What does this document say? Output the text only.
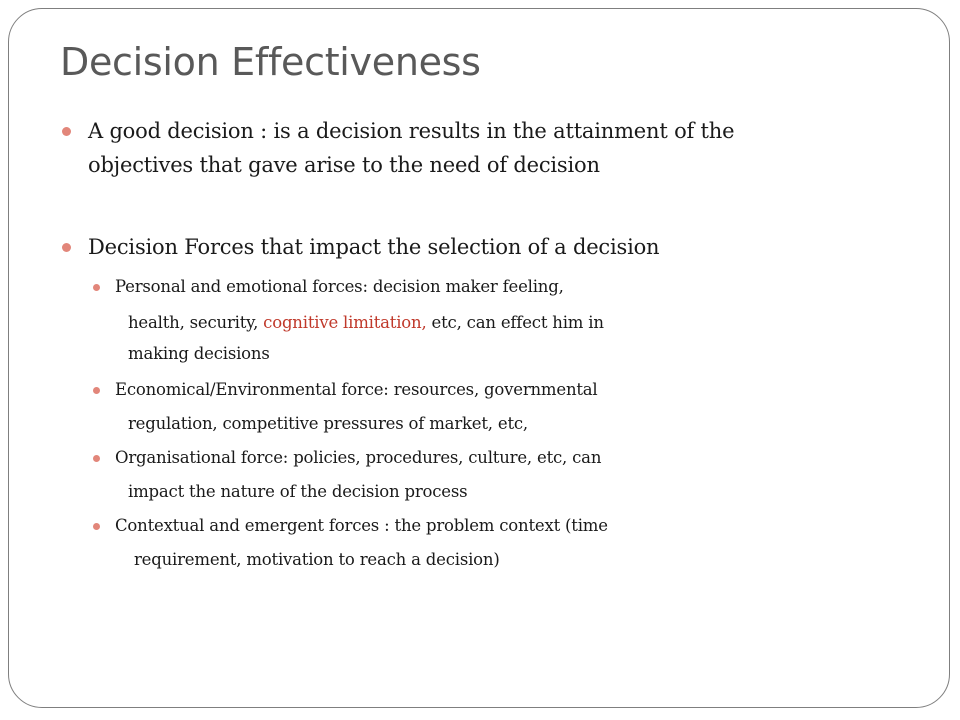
Decision Effectiveness
A good decision : is a decision results in the attainment of the
objectives that gave arise to the need of decision
Decision Forces that impact the selection of a decision
Personal and emotional forces: decision maker feeling,
health, security, cognitive limitation, etc, can effect him in
making decisions
Economical/Environmental force: resources, governmental
regulation, competitive pressures of market, etc,
Organisational force: policies, procedures, culture, etc, can
impact the nature of the decision process
Contextual and emergent forces : the problem context (time
requirement, motivation to reach a decision)
